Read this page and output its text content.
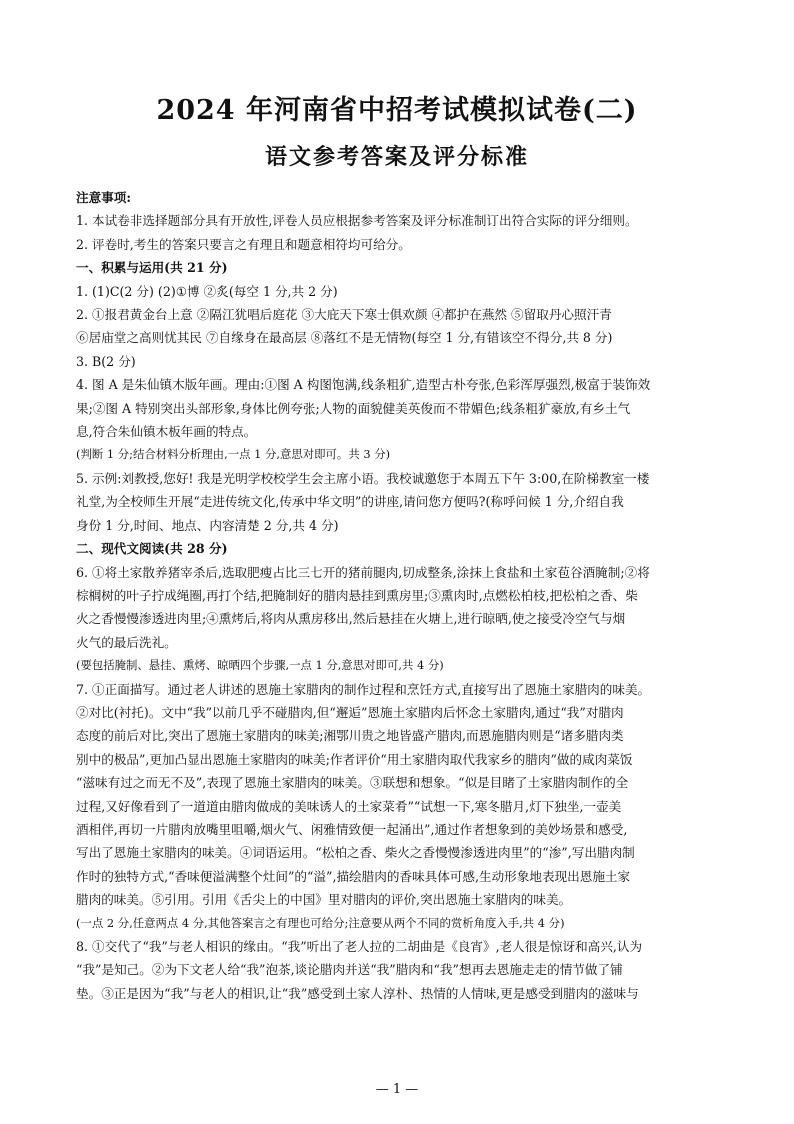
2024 年河南省中招考试模拟试卷(二)
语文参考答案及评分标准
注意事项:
1. 本试卷非选择题部分具有开放性,评卷人员应根据参考答案及评分标准制订出符合实际的评分细则。
2. 评卷时,考生的答案只要言之有理且和题意相符均可给分。
一、积累与运用(共 21 分)
1. (1)C(2 分) (2)①博 ②炙(每空 1 分,共 2 分)
2. ①报君黄金台上意 ②隔江犹唱后庭花 ③大庇天下寒士俱欢颜 ④都护在燕然 ⑤留取丹心照汗青
⑥居庙堂之高则忧其民 ⑦自缘身在最高层 ⑧落红不是无情物(每空 1 分,有错该空不得分,共 8 分)
3. B(2 分)
4. 图 A 是朱仙镇木版年画。理由:①图 A 构图饱满,线条粗犷,造型古朴夸张,色彩浑厚强烈,极富于装饰效
果;②图 A 特别突出头部形象,身体比例夸张;人物的面貌健美英俊而不带媚色;线条粗犷豪放,有乡土气
息,符合朱仙镇木板年画的特点。
(判断 1 分;结合材料分析理由,一点 1 分,意思对即可。共 3 分)
5. 示例:刘教授,您好! 我是光明学校校学生会主席小语。我校诚邀您于本周五下午 3:00,在阶梯教室一楼
礼堂,为全校师生开展“走进传统文化,传承中华文明”的讲座,请问您方便吗?(称呼问候 1 分,介绍自我
身份 1 分,时间、地点、内容清楚 2 分,共 4 分)
二、现代文阅读(共 28 分)
6. ①将土家散养猪宰杀后,选取肥瘦占比三七开的猪前腿肉,切成整条,涂抹上食盐和土家苞谷酒腌制;②将
棕榈树的叶子拧成绳圈,再打个结,把腌制好的腊肉悬挂到熏房里;③熏肉时,点燃松柏枝,把松柏之香、柴
火之香慢慢渗透进肉里;④熏烤后,将肉从熏房移出,然后悬挂在火塘上,进行晾晒,使之接受冷空气与烟
火气的最后洗礼。
(要包括腌制、悬挂、熏烤、晾晒四个步骤,一点 1 分,意思对即可,共 4 分)
7. ①正面描写。通过老人讲述的恩施土家腊肉的制作过程和烹饪方式,直接写出了恩施土家腊肉的味美。
②对比(衬托)。文中“我”以前几乎不碰腊肉,但“邂逅”恩施土家腊肉后怀念土家腊肉,通过“我”对腊肉
态度的前后对比,突出了恩施土家腊肉的味美;湘鄂川贵之地皆盛产腊肉,而恩施腊肉则是“诸多腊肉类
别中的极品”,更加凸显出恩施土家腊肉的味美;作者评价“用土家腊肉取代我家乡的腊肉”做的咸肉菜饭
“滋味有过之而无不及”,表现了恩施土家腊肉的味美。③联想和想象。“似是目睹了土家腊肉制作的全
过程,又好像看到了一道道由腊肉做成的美味诱人的土家菜肴”“试想一下,寒冬腊月,灯下独坐,一壶美
酒相伴,再切一片腊肉放嘴里咀嚼,烟火气、闲雅情致便一起涌出”,通过作者想象到的美妙场景和感受,
写出了恩施土家腊肉的味美。④词语运用。“松柏之香、柴火之香慢慢渗透进肉里”的“渗”,写出腊肉制
作时的独特方式,“香味便溢满整个灶间”的“溢”,描绘腊肉的香味具体可感,生动形象地表现出恩施土家
腊肉的味美。⑤引用。引用《舌尖上的中国》里对腊肉的评价,突出恩施土家腊肉的味美。
(一点 2 分,任意两点 4 分,其他答案言之有理也可给分;注意要从两个不同的赏析角度入手,共 4 分)
8. ①交代了“我”与老人相识的缘由。“我”听出了老人拉的二胡曲是《良宵》,老人很是惊讶和高兴,认为
“我”是知己。②为下文老人给“我”泡茶,谈论腊肉并送“我”腊肉和“我”想再去恩施走走的情节做了铺
垫。③正是因为“我”与老人的相识,让“我”感受到土家人淳朴、热情的人情味,更是感受到腊肉的滋味与
— 1 —
